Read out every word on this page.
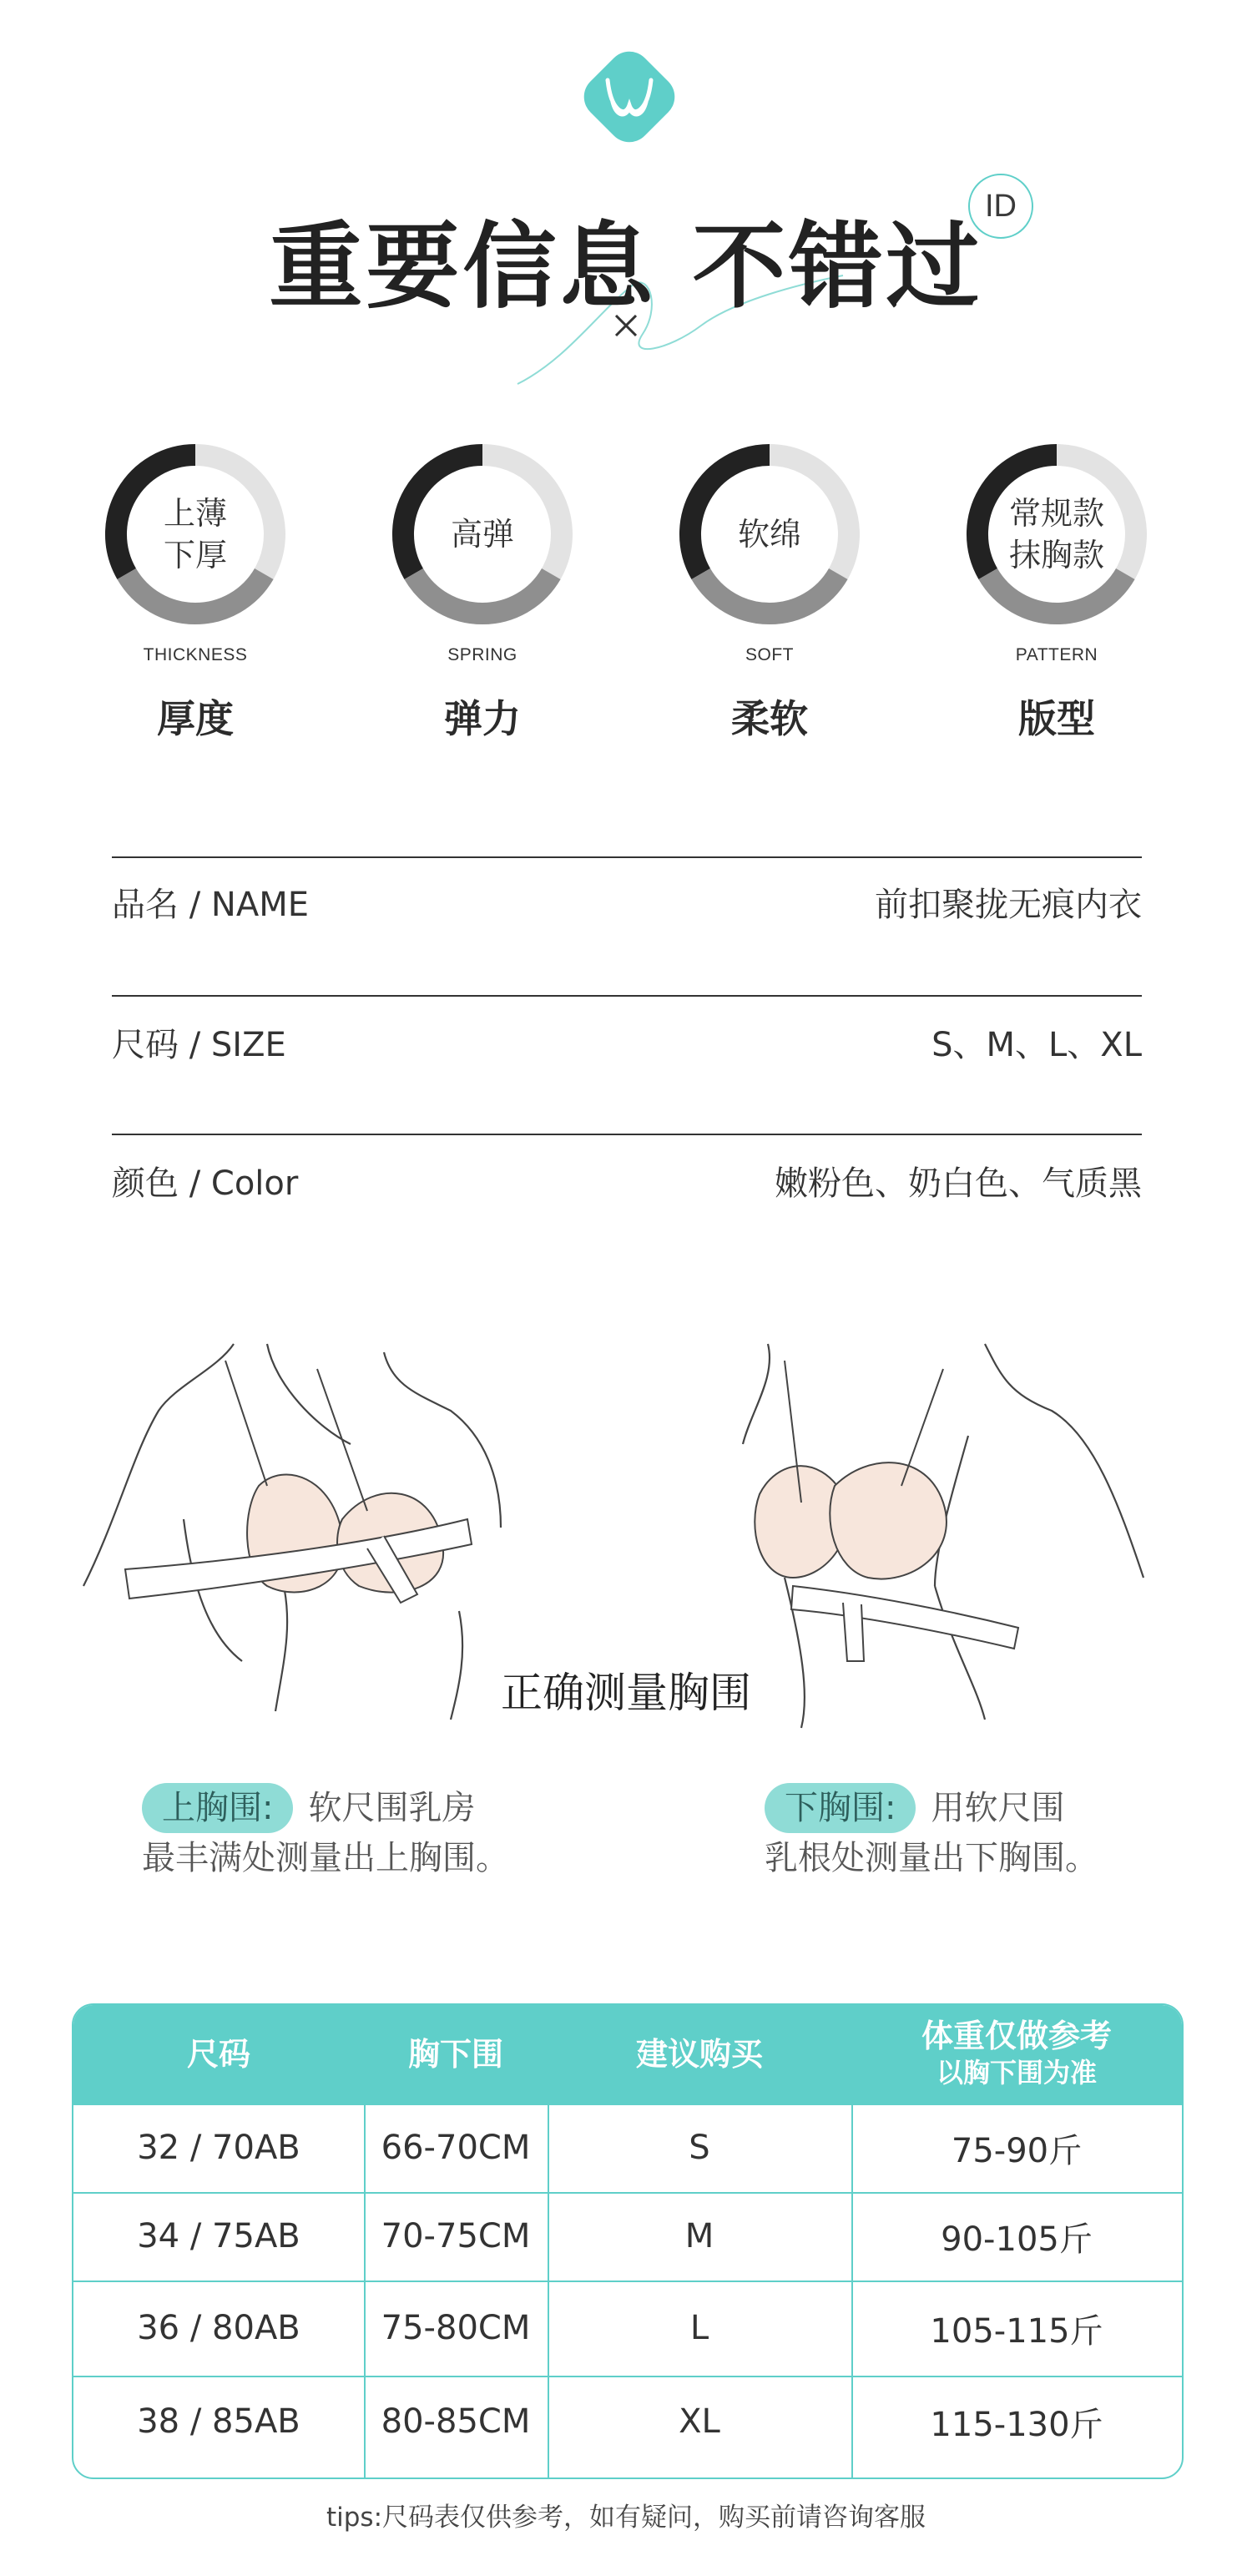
重要信息 不错过
ID
上薄
下厚
THICKNESS
厚度
高弹
SPRING
弹力
软绵
SOFT
柔软
常规款
抹胸款
PATTERN
版型
品名 / NAME	前扣聚拢无痕内衣
尺码 / SIZE	S、M、L、XL
颜色 / Color	嫩粉色、奶白色、气质黑
正确测量胸围
上胸围: 软尺围乳房
最丰满处测量出上胸围。
下胸围: 用软尺围
乳根处测量出下胸围。
尺码	胸下围	建议购买	体重仅做参考
以胸下围为准
32 / 70AB	66-70CM	S	75-90斤
34 / 75AB	70-75CM	M	90-105斤
36 / 80AB	75-80CM	L	105-115斤
38 / 85AB	80-85CM	XL	115-130斤
tips:尺码表仅供参考，如有疑问，购买前请咨询客服
